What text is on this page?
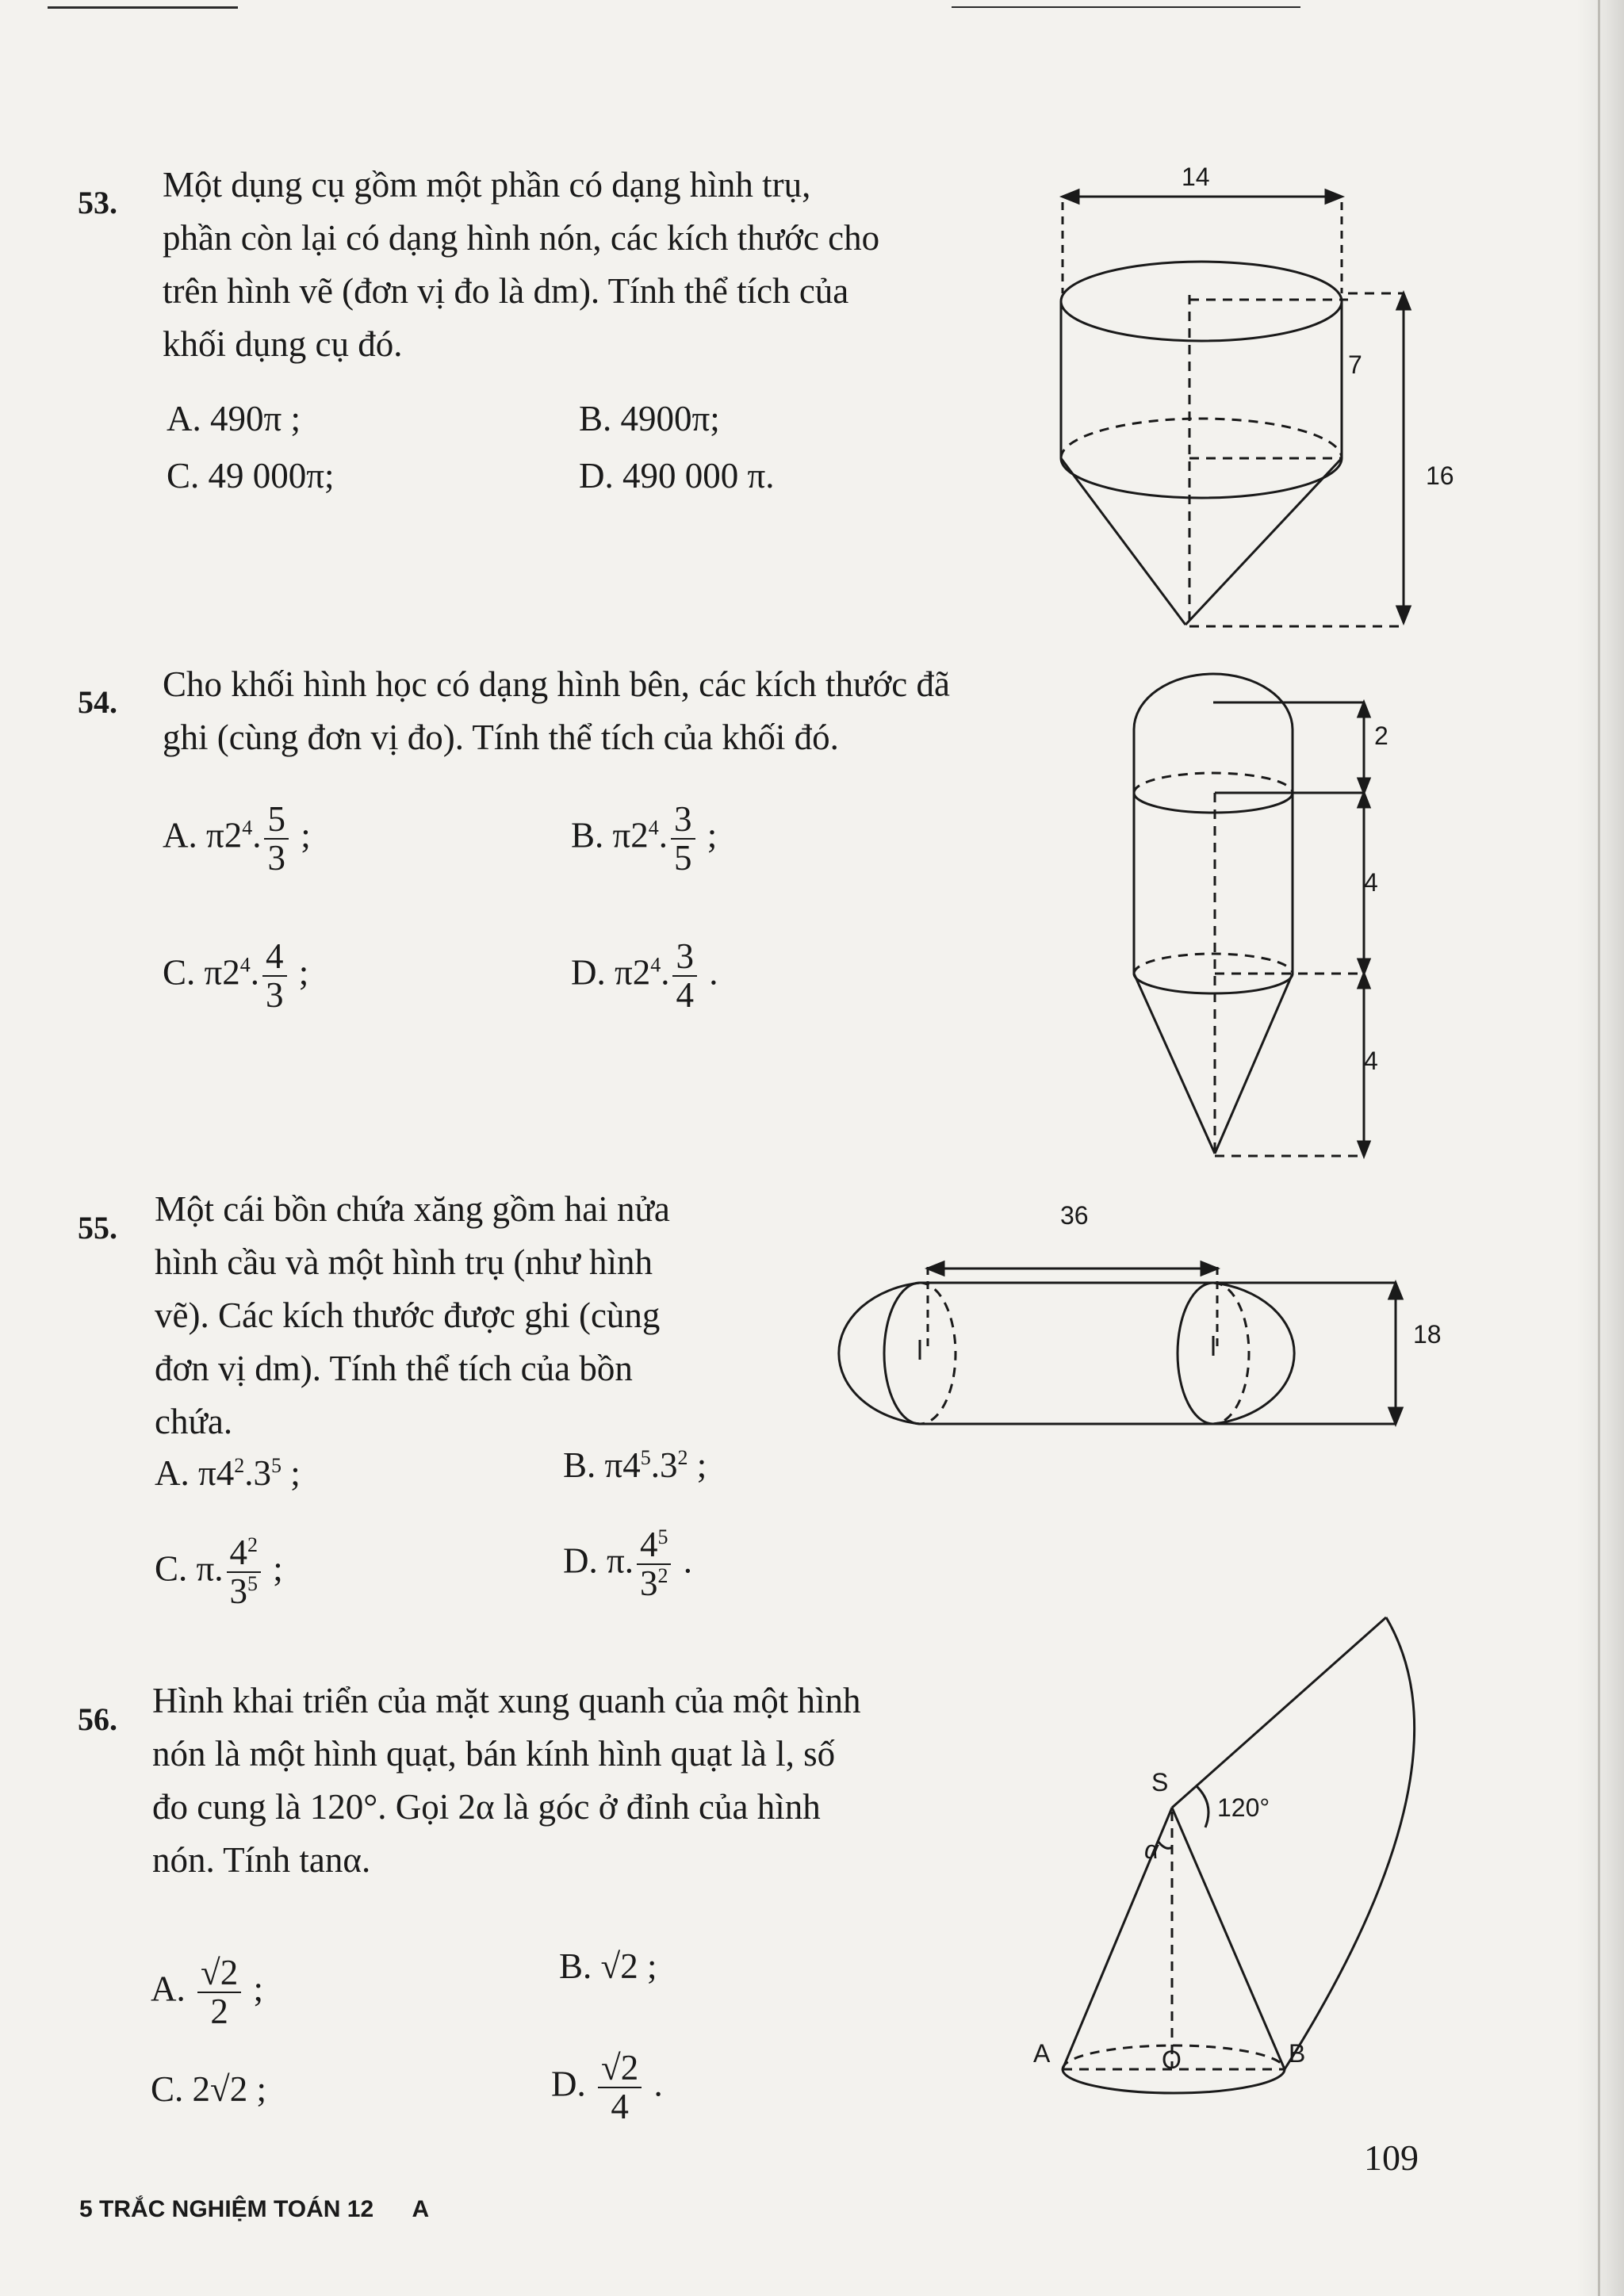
53. Một dụng cụ gồm một phần có dạng hình trụ,
phần còn lại có dạng hình nón, các kích thước cho
trên hình vẽ (đơn vị đo là dm). Tính thể tích của
khối dụng cụ đó.
A. 490π ;	B. 4900π;
C. 49 000π;	D. 490 000 π.
14
7
16
54. Cho khối hình học có dạng hình bên, các kích thước đã
ghi (cùng đơn vị đo). Tính thể tích của khối đó.
A. $\pi 2^4$. $\frac{5}{3}$ ;	B. $\pi 2^4$. $\frac{3}{5}$ ;
C. $\pi 2^4$. $\frac{4}{3}$ ;	D. $\pi 2^4$. $\frac{3}{4}$ .
2
4
4
55. Một cái bồn chứa xăng gồm hai nửa
hình cầu và một hình trụ (như hình
vẽ). Các kích thước được ghi (cùng
đơn vị dm). Tính thể tích của bồn
chứa.
A. $\pi 4^2.3^5$ ;	B. $\pi 4^5.3^2$ ;
C. π. $\frac{4^2}{3^5}$ ;	D. π. $\frac{4^5}{3^2}$ .
36
18
56. Hình khai triển của mặt xung quanh của một hình
nón là một hình quạt, bán kính hình quạt là l, số
đo cung là 120°. Gọi 2α là góc ở đỉnh của hình
nón. Tính tanα.
A. $\frac{√2}{2}$ ;
B. √2 ;
C. 2√2 ;	D. $\frac{√2}{4}$ .
S
120°
α
A	O	B
109
5 TRẮC NGHIỆM TOÁN 12 A
